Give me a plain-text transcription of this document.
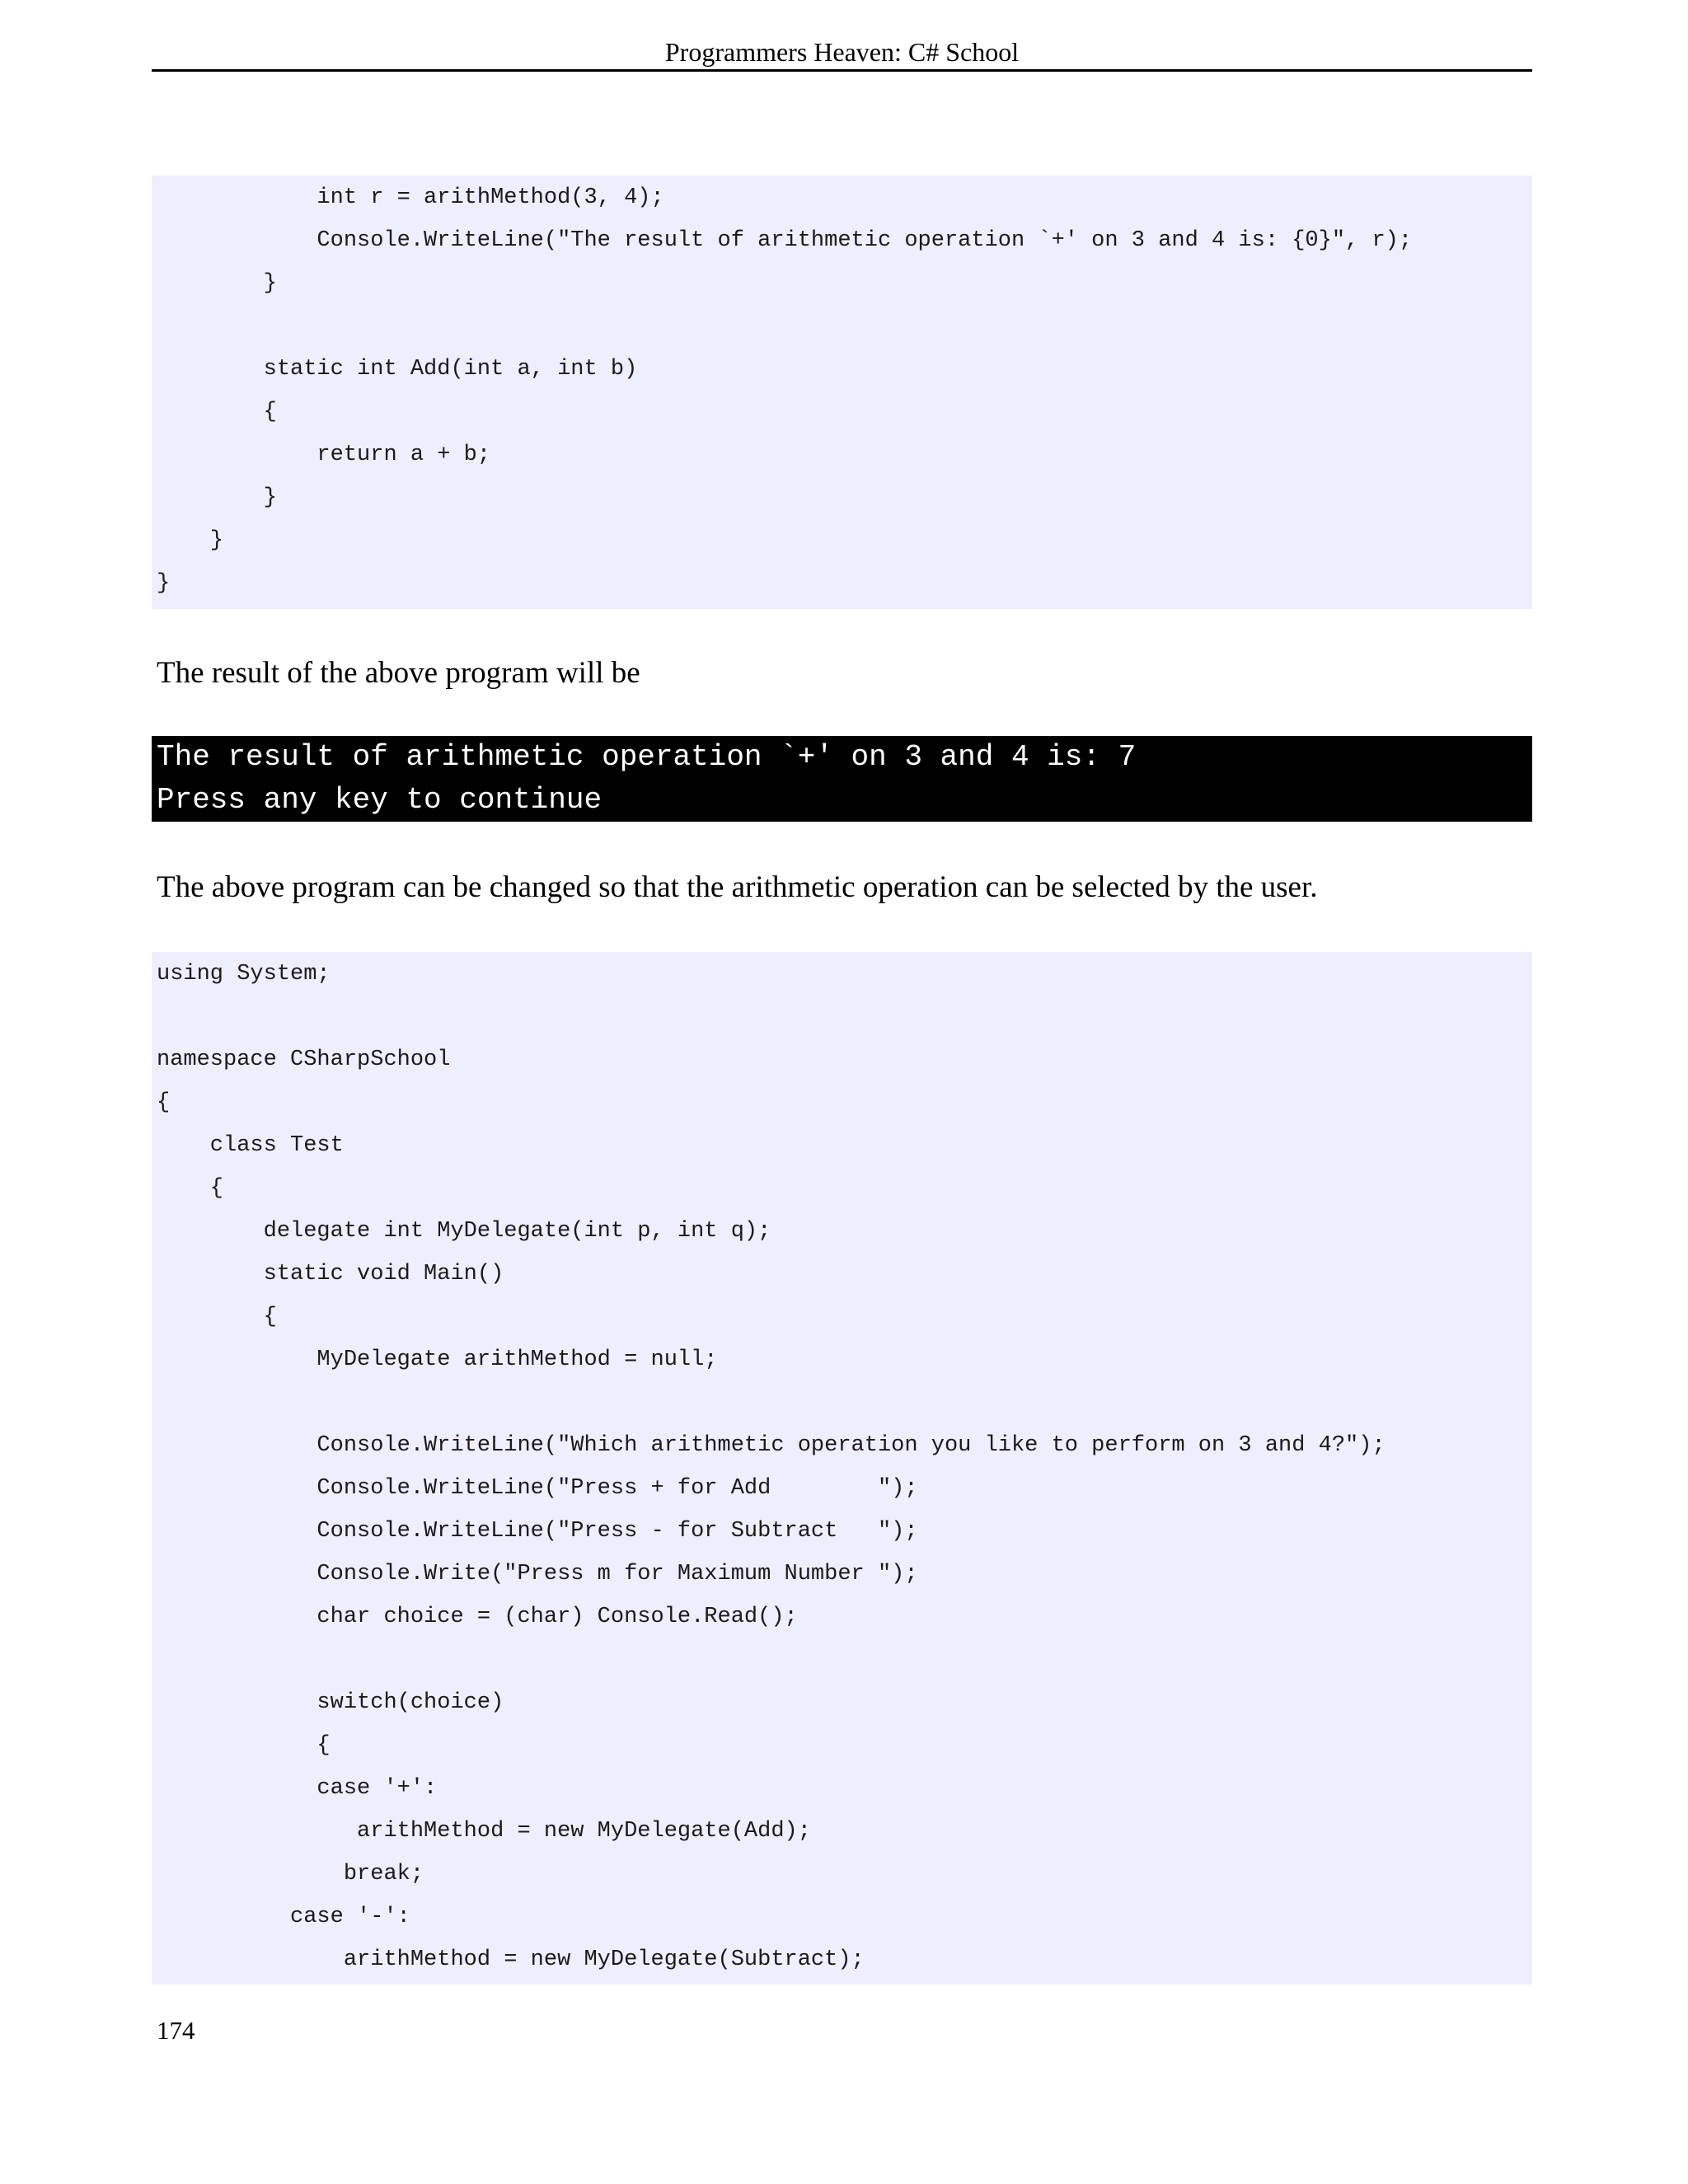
Programmers Heaven: C# School
int r = arithMethod(3, 4);
Console.WriteLine("The result of arithmetic operation `+' on 3 and 4 is: {0}", r);
}
static int Add(int a, int b)
{
return a + b;
}
}
}
The result of the above program will be
The result of arithmetic operation `+' on 3 and 4 is: 7
Press any key to continue
The above program can be changed so that the arithmetic operation can be selected by the user.
using System;
namespace CSharpSchool
{
class Test
{
delegate int MyDelegate(int p, int q);
static void Main()
{
MyDelegate arithMethod = null;
Console.WriteLine("Which arithmetic operation you like to perform on 3 and 4?");
Console.WriteLine("Press + for Add        ");
Console.WriteLine("Press - for Subtract   ");
Console.Write("Press m for Maximum Number ");
char choice = (char) Console.Read();
switch(choice)
{
case '+':
arithMethod = new MyDelegate(Add);
break;
case '-':
arithMethod = new MyDelegate(Subtract);
174
